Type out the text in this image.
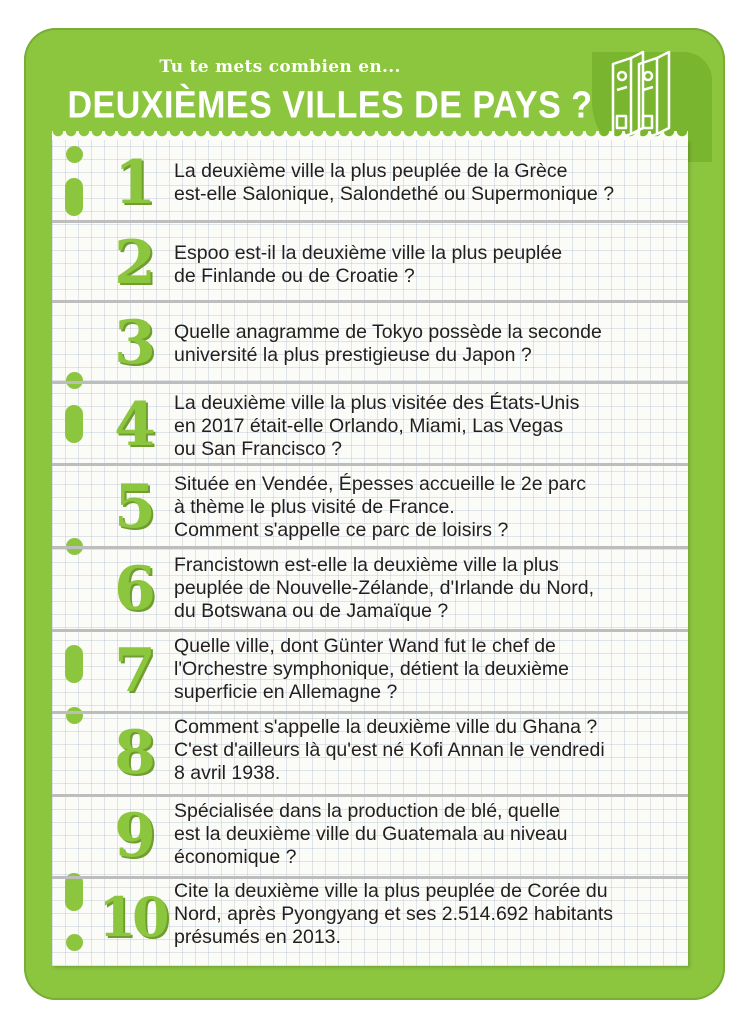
Tu te mets combien en...
DEUXIÈMES VILLES DE PAYS ?
1 La deuxième ville la plus peuplée de la Grèce
est-elle Salonique, Salondethé ou Supermonique ?
2 Espoo est-il la deuxième ville la plus peuplée
de Finlande ou de Croatie ?
3 Quelle anagramme de Tokyo possède la seconde
université la plus prestigieuse du Japon ?
4 La deuxième ville la plus visitée des États-Unis
en 2017 était-elle Orlando, Miami, Las Vegas
ou San Francisco ?
5 Située en Vendée, Épesses accueille le 2e parc
à thème le plus visité de France.
Comment s'appelle ce parc de loisirs ?
6 Francistown est-elle la deuxième ville la plus
peuplée de Nouvelle-Zélande, d'Irlande du Nord,
du Botswana ou de Jamaïque ?
7 Quelle ville, dont Günter Wand fut le chef de
l'Orchestre symphonique, détient la deuxième
superficie en Allemagne ?
8 Comment s'appelle la deuxième ville du Ghana ?
C'est d'ailleurs là qu'est né Kofi Annan le vendredi
8 avril 1938.
9 Spécialisée dans la production de blé, quelle
est la deuxième ville du Guatemala au niveau
économique ?
10 Cite la deuxième ville la plus peuplée de Corée du
Nord, après Pyongyang et ses 2.514.692 habitants
présumés en 2013.
